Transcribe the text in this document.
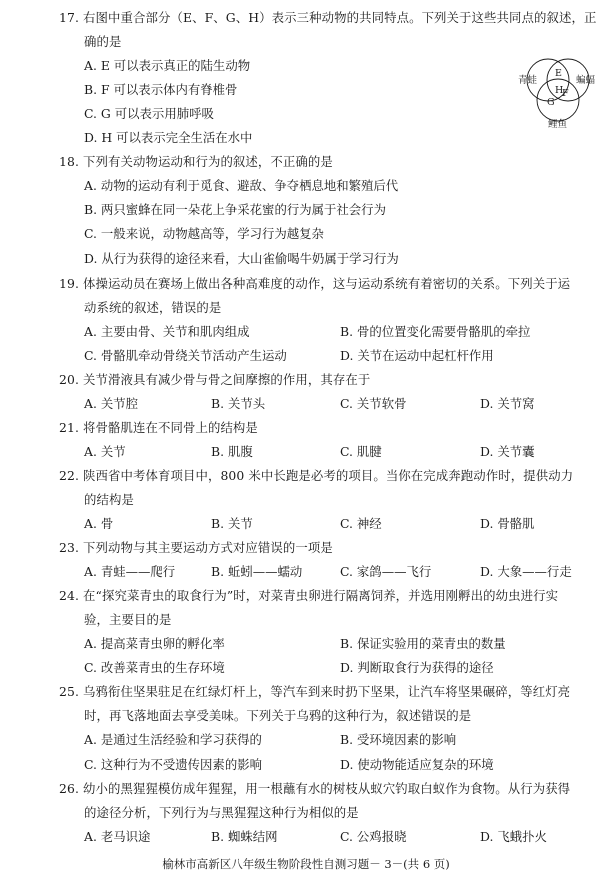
17. 右图中重合部分（E、F、G、H）表示三种动物的共同特点。下列关于这些共同点的叙述，正
确的是
A. E 可以表示真正的陆生动物
B. F 可以表示体内有脊椎骨
C. G 可以表示用肺呼吸
D. H 可以表示完全生活在水中
青蛙	蝙蝠
鲤鱼
E
F
G
H
18. 下列有关动物运动和行为的叙述，不正确的是
A. 动物的运动有利于觅食、避敌、争夺栖息地和繁殖后代
B. 两只蜜蜂在同一朵花上争采花蜜的行为属于社会行为
C. 一般来说，动物越高等，学习行为越复杂
D. 从行为获得的途径来看，大山雀偷喝牛奶属于学习行为
19. 体操运动员在赛场上做出各种高难度的动作，这与运动系统有着密切的关系。下列关于运
动系统的叙述，错误的是
A. 主要由骨、关节和肌肉组成	B. 骨的位置变化需要骨骼肌的牵拉
C. 骨骼肌牵动骨绕关节活动产生运动	D. 关节在运动中起杠杆作用
20. 关节滑液具有减少骨与骨之间摩擦的作用，其存在于
A. 关节腔	B. 关节头	C. 关节软骨	D. 关节窝
21. 将骨骼肌连在不同骨上的结构是
A. 关节	B. 肌腹	C. 肌腱	D. 关节囊
22. 陕西省中考体育项目中，800 米中长跑是必考的项目。当你在完成奔跑动作时，提供动力
的结构是
A. 骨	B. 关节	C. 神经	D. 骨骼肌
23. 下列动物与其主要运动方式对应错误的一项是
A. 青蛙——爬行	B. 蚯蚓——蠕动	C. 家鸽——飞行	D. 大象——行走
24. 在“探究菜青虫的取食行为”时，对菜青虫卵进行隔离饲养，并选用刚孵出的幼虫进行实
验，主要目的是
A. 提高菜青虫卵的孵化率	B. 保证实验用的菜青虫的数量
C. 改善菜青虫的生存环境	D. 判断取食行为获得的途径
25. 乌鸦衔住坚果驻足在红绿灯杆上，等汽车到来时扔下坚果，让汽车将坚果碾碎，等红灯亮
时，再飞落地面去享受美味。下列关于乌鸦的这种行为，叙述错误的是
A. 是通过生活经验和学习获得的	B. 受环境因素的影响
C. 这种行为不受遗传因素的影响	D. 使动物能适应复杂的环境
26. 幼小的黑猩猩模仿成年猩猩，用一根蘸有水的树枝从蚁穴钓取白蚁作为食物。从行为获得
的途径分析，下列行为与黑猩猩这种行为相似的是
A. 老马识途	B. 蜘蛛结网	C. 公鸡报晓	D. 飞蛾扑火
榆林市高新区八年级生物阶段性自测习题－ 3－(共 6 页)
